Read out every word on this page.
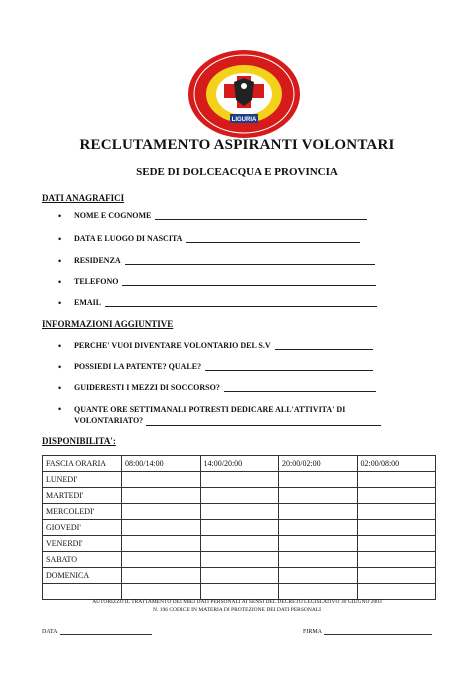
LIGURIA
RECLUTAMENTO ASPIRANTI VOLONTARI
SEDE DI DOLCEACQUA E PROVINCIA
DATI ANAGRAFICI
• NOME E COGNOME
• DATA E LUOGO DI NASCITA
• RESIDENZA
• TELEFONO
• EMAIL
INFORMAZIONI AGGIUNTIVE
• PERCHE' VUOI DIVENTARE VOLONTARIO DEL S.V
• POSSIEDI LA PATENTE? QUALE?
• GUIDERESTI I MEZZI DI SOCCORSO?
• QUANTE ORE SETTIMANALI POTRESTI DEDICARE ALL'ATTIVITA' DI
VOLONTARIATO?
DISPONIBILITA':
FASCIA ORARIA	08:00/14:00	14:00/20:00	20:00/02:00	02:00/08:00
LUNEDI'				
MARTEDI'				
MERCOLEDI'				
GIOVEDI'				
VENERDI'				
SABATO				
DOMENICA				

AUTORIZZO IL TRATTAMENTO DEI MIEI DATI PERSONALI AI SENSI DEL DECRETO LEGISLATIVO 30 GIUGNO 2003
N. 196 CODICE IN MATERIA DI PROTEZIONE DEI DATI PERSONALI
DATA	FIRMA
